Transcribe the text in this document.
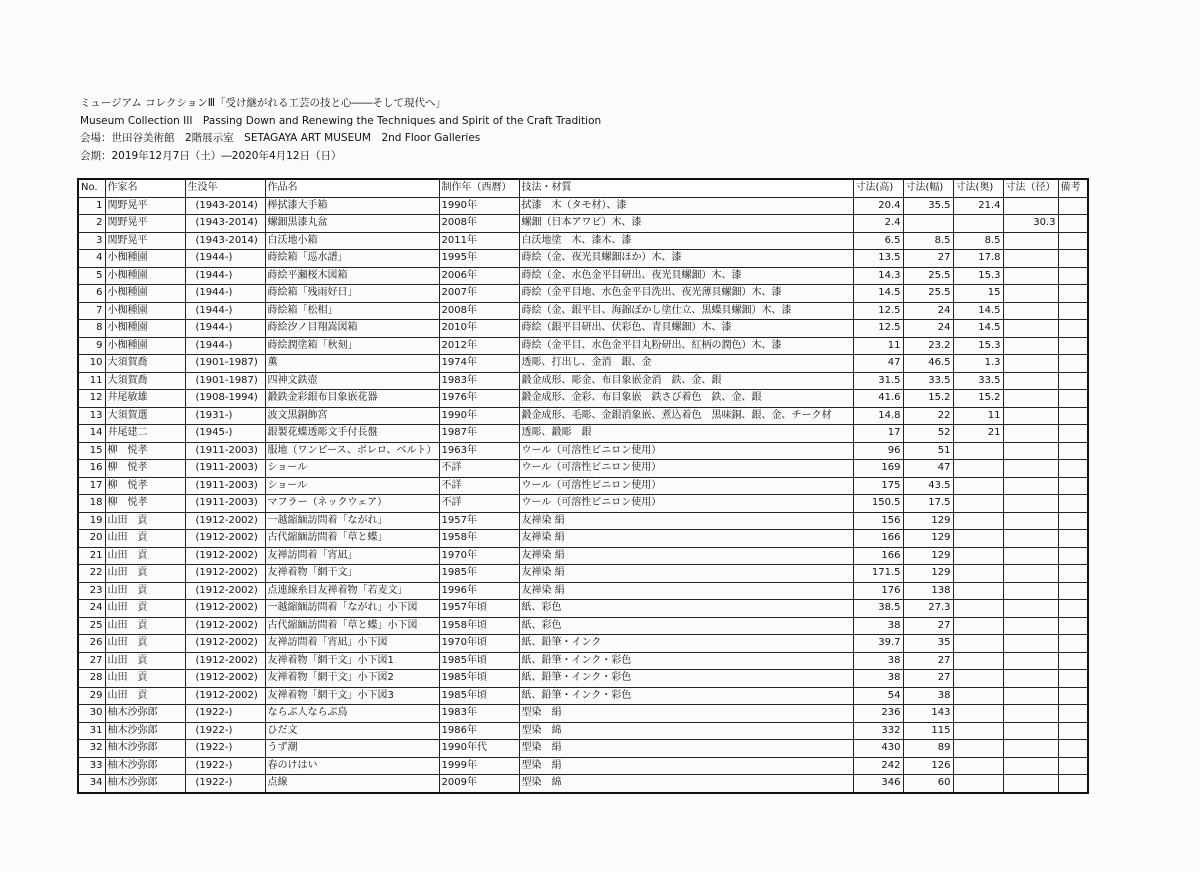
ミュージアム コレクションⅢ「受け継がれる工芸の技と心――そして現代へ」
Museum Collection III　Passing Down and Renewing the Techniques and Spirit of the Craft Tradition
会場：世田谷美術館　2階展示室　SETAGAYA ART MUSEUM　2nd Floor Galleries
会期：2019年12月7日（土）―2020年4月12日（日）
No.	作家名	生没年	作品名	制作年（西暦）	技法・材質	寸法(高)	寸法(幅)	寸法(奥)	寸法（径）	備考
1	関野晃平	(1943-2014)	榉拭漆大手箱	1990年	拭漆　木（タモ材）、漆	20.4	35.5	21.4		
2	関野晃平	(1943-2014)	螺鈿黒漆丸盆	2008年	螺鈿（日本アワビ）木、漆	2.4			30.3	
3	関野晃平	(1943-2014)	白沃地小箱	2011年	白沃地塗　木、漆木、漆	6.5	8.5	8.5		
4	小椥種園	(1944-)	蒔絵箱「巡水譜」	1995年	蒔絵（金、夜光貝螺鈿ほか）木、漆	13.5	27	17.8		
5	小椥種園	(1944-)	蒔絵平瀬桜木図箱	2006年	蒔絵（金、水色金平目研出、夜光貝螺鈿）木、漆	14.3	25.5	15.3		
6	小椥種園	(1944-)	蒔絵箱「残雨好日」	2007年	蒔絵（金平目地、水色金平目洗出、夜光薄貝螺鈿）木、漆	14.5	25.5	15		
7	小椥種園	(1944-)	蒔絵箱「松相」	2008年	蒔絵（金、銀平目、海錦ぼかし塗仕立、黒蝶貝螺鈿）木、漆	12.5	24	14.5		
8	小椥種園	(1944-)	蒔絵汐ノ目翔嵩図箱	2010年	蒔絵（銀平目研出、伏彩色、青貝螺鈿）木、漆	12.5	24	14.5		
9	小椥種園	(1944-)	蒔絵潤塗箱「秋刻」	2012年	蒔絵（金平目、水色金平目丸粉研出、紅柄の潤色）木、漆	11	23.2	15.3		
10	大須賀喬	(1901-1987)	薫	1974年	透彫、打出し、金消　銀、金	47	46.5	1.3		
11	大須賀喬	(1901-1987)	四神文鉄壺	1983年	鍛金成形、彫金、布目象嵌金消　鉄、金、銀	31.5	33.5	33.5		
12	井尾敏雄	(1908-1994)	鍛鉄金彩銀布目象嵌花器	1976年	鍛金成形、金彩、布目象嵌　鉄さび着色　鉄、金、銀	41.6	15.2	15.2		
13	大須賀選	(1931-)	波文黒銅飾宮	1990年	鍛金成形、毛彫、金銀消象嵌、煮込着色　黒味銅、銀、金、チーク材	14.8	22	11		
14	井尾建二	(1945-)	銀製花蝶透彫文手付長盤	1987年	透彫、鍛彫　銀	17	52	21		
15	柳　悦孝	(1911-2003)	服地（ワンピース、ボレロ、ベルト）	1963年	ウール（可溶性ビニロン使用）	96	51			
16	柳　悦孝	(1911-2003)	ショール	不詳	ウール（可溶性ビニロン使用）	169	47			
17	柳　悦孝	(1911-2003)	ショール	不詳	ウール（可溶性ビニロン使用）	175	43.5			
18	柳　悦孝	(1911-2003)	マフラー（ネックウェア）	不詳	ウール（可溶性ビニロン使用）	150.5	17.5			
19	山田　貢	(1912-2002)	一越縮緬訪問着「ながれ」	1957年	友禅染 絹	156	129			
20	山田　貢	(1912-2002)	古代縮緬訪問着「草と蝶」	1958年	友禅染 絹	166	129			
21	山田　貢	(1912-2002)	友禅訪問着「宵凪」	1970年	友禅染 絹	166	129			
22	山田　貢	(1912-2002)	友禅着物「網干文」	1985年	友禅染 絹	171.5	129			
23	山田　貢	(1912-2002)	点連線糸目友禅着物「若麦文」	1996年	友禅染 絹	176	138			
24	山田　貢	(1912-2002)	一越縮緬訪問着「ながれ」小下図	1957年頃	紙、彩色	38.5	27.3			
25	山田　貢	(1912-2002)	古代縮緬訪問着「草と蝶」小下図	1958年頃	紙、彩色	38	27			
26	山田　貢	(1912-2002)	友禅訪問着「宵凪」小下図	1970年頃	紙、鉛筆・インク	39.7	35			
27	山田　貢	(1912-2002)	友禅着物「網干文」小下図1	1985年頃	紙、鉛筆・インク・彩色	38	27			
28	山田　貢	(1912-2002)	友禅着物「網干文」小下図2	1985年頃	紙、鉛筆・インク・彩色	38	27			
29	山田　貢	(1912-2002)	友禅着物「網干文」小下図3	1985年頃	紙、鉛筆・インク・彩色	54	38			
30	柚木沙弥郎	(1922-)	ならぶ人ならぶ鳥	1983年	型染　絹	236	143			
31	柚木沙弥郎	(1922-)	ひだ文	1986年	型染　綿	332	115			
32	柚木沙弥郎	(1922-)	うず潮	1990年代	型染　絹	430	89			
33	柚木沙弥郎	(1922-)	春のけはい	1999年	型染　絹	242	126			
34	柚木沙弥郎	(1922-)	点線	2009年	型染　綿	346	60			
